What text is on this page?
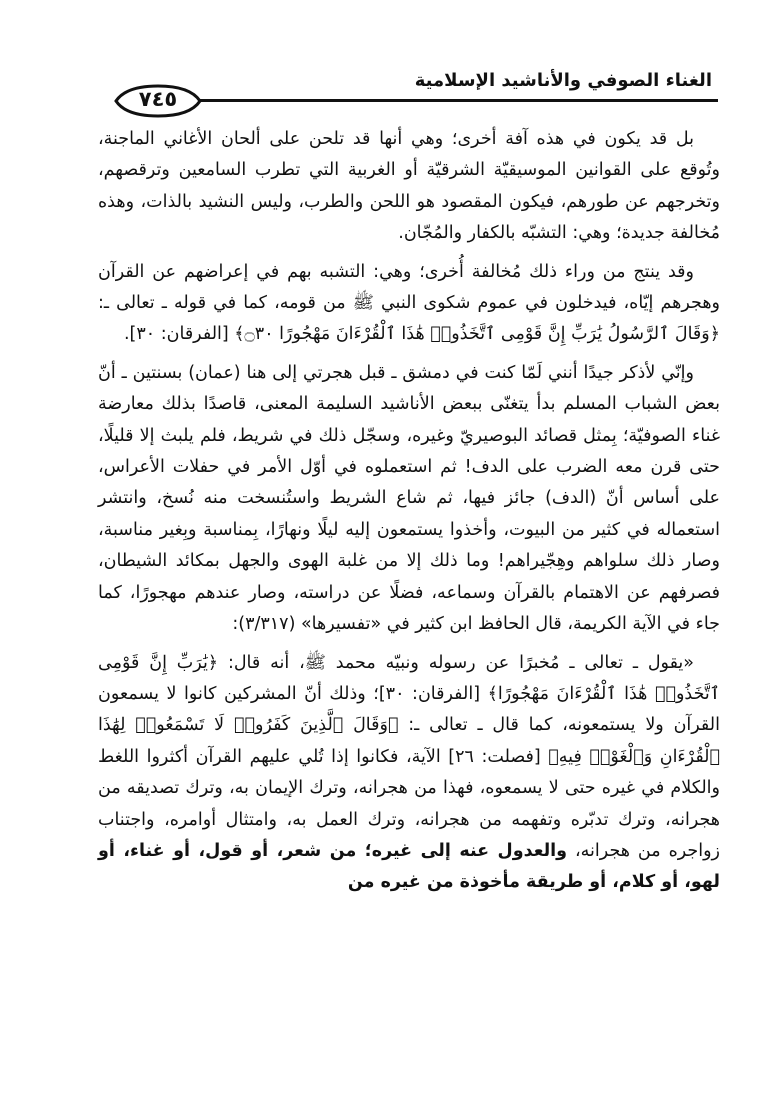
الغناء الصوفي والأناشيد الإسلامية
٧٤٥

بل قد يكون في هذه آفة أخرى؛ وهي أنها قد تلحن على ألحان الأغاني الماجنة، وتُوقع على القوانين الموسيقيّة الشرقيّة أو الغربية التي تطرب السامعين وترقصهم، وتخرجهم عن طورهم، فيكون المقصود هو اللحن والطرب، وليس النشيد بالذات، وهذه مُخالفة جديدة؛ وهي: التشبّه بالكفار والمُجّان.

وقد ينتج من وراء ذلك مُخالفة أُخرى؛ وهي: التشبه بهم في إعراضهم عن القرآن وهجرهم إيّاه، فيدخلون في عموم شكوى النبي ﷺ من قومه، كما في قوله ـ تعالى ـ: ﴿وَقَالَ ٱلرَّسُولُ يَٰرَبِّ إِنَّ قَوْمِى ٱتَّخَذُوا۟ هَٰذَا ٱلْقُرْءَانَ مَهْجُورًا ۝٣٠﴾ [الفرقان: ٣٠].

وإنّي لأذكر جيدًا أنني لَمّا كنت في دمشق ـ قبل هجرتي إلى هنا (عمان) بسنتين ـ أنّ بعض الشباب المسلم بدأ يتغنّى ببعض الأناشيد السليمة المعنى، قاصدًا بذلك معارضة غناء الصوفيّة؛ بِمثل قصائد البوصيريّ وغيره، وسجّل ذلك في شريط، فلم يلبث إلا قليلًا، حتى قرن معه الضرب على الدف! ثم استعملوه في أوّل الأمر في حفلات الأعراس، على أساس أنّ (الدف) جائز فيها، ثم شاع الشريط واستُنسخت منه نُسخ، وانتشر استعماله في كثير من البيوت، وأخذوا يستمعون إليه ليلًا ونهارًا، بِمناسبة وبِغير مناسبة، وصار ذلك سلواهم وهِجّيراهم! وما ذلك إلا من غلبة الهوى والجهل بمكائد الشيطان، فصرفهم عن الاهتمام بالقرآن وسماعه، فضلًا عن دراسته، وصار عندهم مهجورًا، كما جاء في الآية الكريمة، قال الحافظ ابن كثير في «تفسيرها» (٣/٣١٧):

«يقول ـ تعالى ـ مُخبرًا عن رسوله ونبيّه محمد ﷺ، أنه قال: ﴿يَٰرَبِّ إِنَّ قَوْمِى ٱتَّخَذُوا۟ هَٰذَا ٱلْقُرْءَانَ مَهْجُورًا﴾ [الفرقان: ٣٠]؛ وذلك أنّ المشركين كانوا لا يسمعون القرآن ولا يستمعونه، كما قال ـ تعالى ـ: ﴿وَقَالَ ٱلَّذِينَ كَفَرُوا۟ لَا تَسْمَعُوا۟ لِهَٰذَا ٱلْقُرْءَانِ وَٱلْغَوْا۟ فِيهِ﴾ [فصلت: ٢٦] الآية، فكانوا إذا تُلي عليهم القرآن أكثروا اللغط والكلام في غيره حتى لا يسمعوه، فهذا من هجرانه، وترك الإيمان به، وترك تصديقه من هجرانه، وترك تدبّره وتفهمه من هجرانه، وترك العمل به، وامتثال أوامره، واجتناب زواجره من هجرانه، والعدول عنه إلى غيره؛ من شعر، أو قول، أو غناء، أو لهو، أو كلام، أو طريقة مأخوذة من غيره من
